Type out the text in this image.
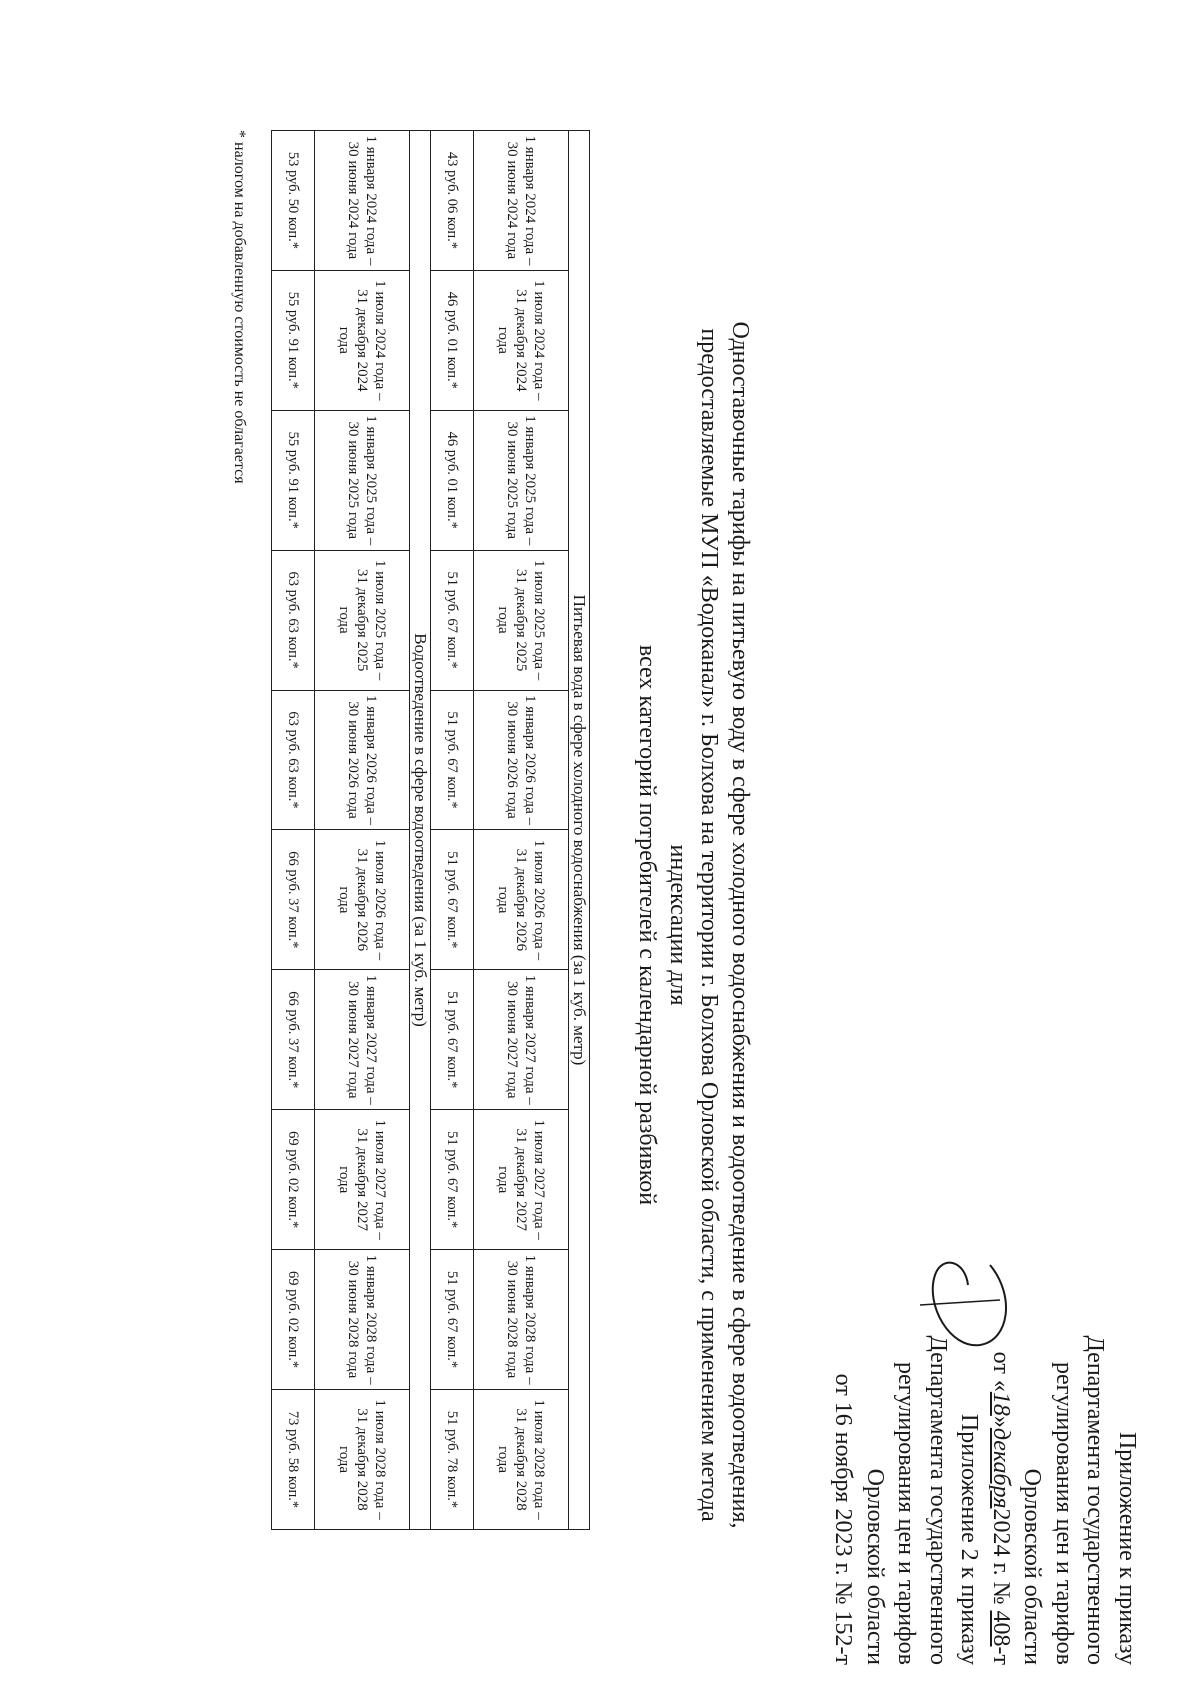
Приложение к приказу
Департамента государственного
регулирования цен и тарифов
Орловской области
от «18»декабря2024 г. № 408-т
Приложение 2 к приказу
Департамента государственного
регулирования цен и тарифов
Орловской области
от 16 ноября 2023 г. № 152-т
Одноставочные тарифы на питьевую воду в сфере холодного водоснабжения и водоотведение в сфере водоотведения,
предоставляемые МУП «Водоканал» г. Болхова на территории г. Болхова Орловской области, с применением метода индексации для
всех категорий потребителей с календарной разбивкой
Питьевая вода в сфере холодного водоснабжения (за 1 куб. метр)									
1 января 2024 года – 30 июня 2024 года	1 июля 2024 года – 31 декабря 2024 года	1 января 2025 года – 30 июня 2025 года	1 июля 2025 года – 31 декабря 2025 года	1 января 2026 года – 30 июня 2026 года	1 июля 2026 года – 31 декабря 2026 года	1 января 2027 года – 30 июня 2027 года	1 июля 2027 года – 31 декабря 2027 года	1 января 2028 года – 30 июня 2028 года	1 июля 2028 года – 31 декабря 2028 года
43 руб. 06 коп.*	46 руб. 01 коп.*	46 руб. 01 коп.*	51 руб. 67 коп.*	51 руб. 67 коп.*	51 руб. 67 коп.*	51 руб. 67 коп.*	51 руб. 67 коп.*	51 руб. 67 коп.*	51 руб. 78 коп.*
Водоотведение в сфере водоотведения (за 1 куб. метр)									
1 января 2024 года – 30 июня 2024 года	1 июля 2024 года – 31 декабря 2024 года	1 января 2025 года – 30 июня 2025 года	1 июля 2025 года – 31 декабря 2025 года	1 января 2026 года – 30 июня 2026 года	1 июля 2026 года – 31 декабря 2026 года	1 января 2027 года – 30 июня 2027 года	1 июля 2027 года – 31 декабря 2027 года	1 января 2028 года – 30 июня 2028 года	1 июля 2028 года – 31 декабря 2028 года
53 руб. 50 коп.*	55 руб. 91 коп.*	55 руб. 91 коп.*	63 руб. 63 коп.*	63 руб. 63 коп.*	66 руб. 37 коп.*	66 руб. 37 коп.*	69 руб. 02 коп.*	69 руб. 02 коп.*	73 руб. 58 коп.*
* налогом на добавленную стоимость не облагается
